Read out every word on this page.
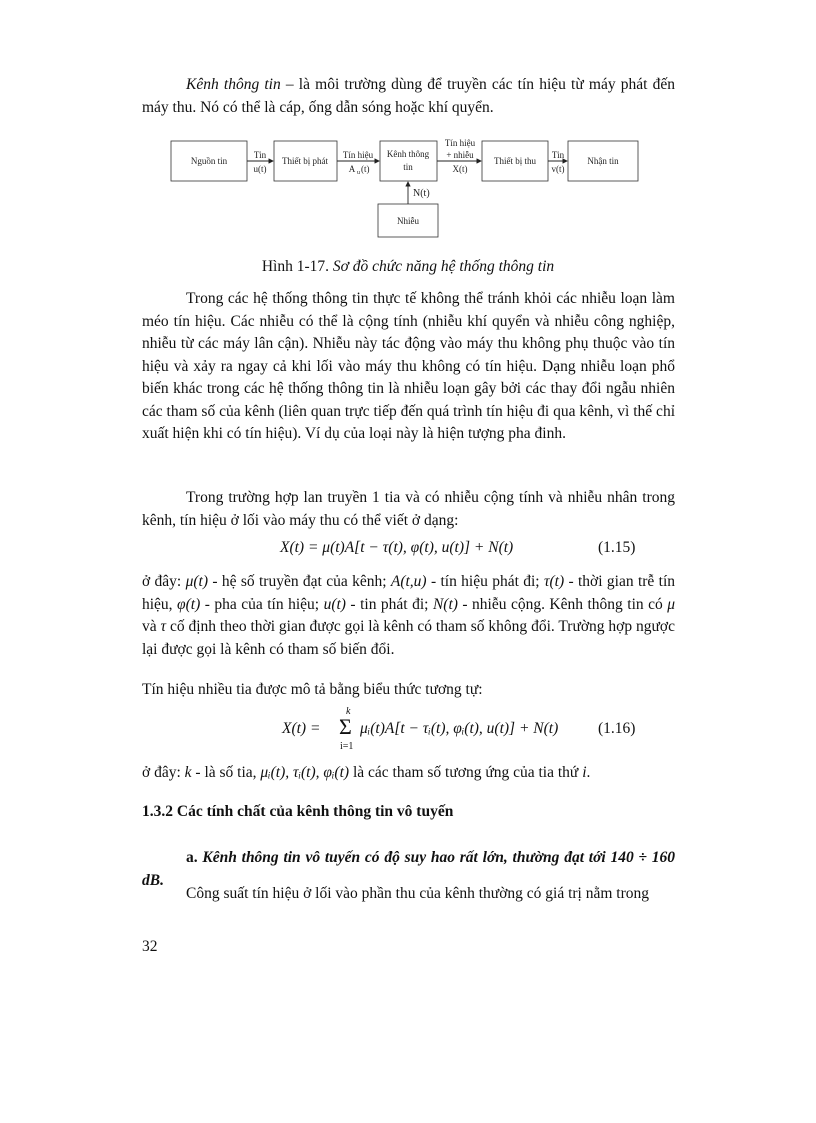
Kênh thông tin – là môi trường dùng để truyền các tín hiệu từ máy phát đến máy thu. Nó có thể là cáp, ống dẫn sóng hoặc khí quyển.

Nguồn tin	Thiết bị phát
Kênh thông
tin
Thiết bị thu	Nhận tin
Nhiễu
Tin
u(t)
Tín hiệu
A u (t)
Tín hiệu
+ nhiễu
X(t)
Tin
v(t)
N(t)
Hình 1-17. Sơ đồ chức năng hệ thống thông tin

Trong các hệ thống thông tin thực tế không thể tránh khỏi các nhiễu loạn làm méo tín hiệu. Các nhiễu có thể là cộng tính (nhiễu khí quyển và nhiễu công nghiệp, nhiễu từ các máy lân cận). Nhiễu này tác động vào máy thu không phụ thuộc vào tín hiệu và xảy ra ngay cả khi lối vào máy thu không có tín hiệu. Dạng nhiễu loạn phổ biến khác trong các hệ thống thông tin là nhiễu loạn gây bởi các thay đổi ngẫu nhiên các tham số của kênh (liên quan trực tiếp đến quá trình tín hiệu đi qua kênh, vì thế chỉ xuất hiện khi có tín hiệu). Ví dụ của loại này là hiện tượng pha đinh.

Trong trường hợp lan truyền 1 tia và có nhiễu cộng tính và nhiễu nhân trong kênh, tín hiệu ở lối vào máy thu có thể viết ở dạng:

X(t) = μ(t)A[t − τ(t), φ(t), u(t)] + N(t)	(1.15)

ở đây: μ(t) - hệ số truyền đạt của kênh; A(t,u) - tín hiệu phát đi; τ(t) - thời gian trễ tín hiệu, φ(t) - pha của tín hiệu; u(t) - tin phát đi; N(t) - nhiễu cộng. Kênh thông tin có μ và τ cố định theo thời gian được gọi là kênh có tham số không đổi. Trường hợp ngược lại được gọi là kênh có tham số biến đổi.

Tín hiệu nhiều tia được mô tả bằng biểu thức tương tự:

X(t) =
k
Σ
i=1
μᵢ(t)A[t − τᵢ(t), φᵢ(t), u(t)] + N(t)	(1.16)

ở đây: k - là số tia, μᵢ(t), τᵢ(t), φᵢ(t) là các tham số tương ứng của tia thứ i.

1.3.2 Các tính chất của kênh thông tin vô tuyến

a. Kênh thông tin vô tuyến có độ suy hao rất lớn, thường đạt tới 140 ÷ 160 dB.

Công suất tín hiệu ở lối vào phần thu của kênh thường có giá trị nằm trong

32
